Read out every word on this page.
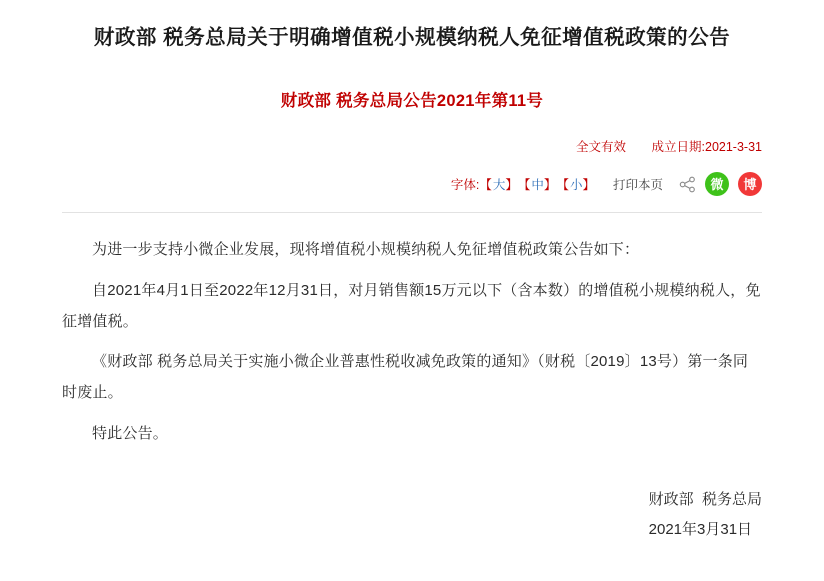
财政部 税务总局关于明确增值税小规模纳税人免征增值税政策的公告
财政部 税务总局公告2021年第11号
全文有效 成立日期:2021-3-31
字体: 【 大 】 【 中 】 【 小 】 打印本页	微	博

为进一步支持小微企业发展，现将增值税小规模纳税人免征增值税政策公告如下：

自2021年4月1日至2022年12月31日，对月销售额15万元以下（含本数）的增值税小规模纳税人，免征增值税。

《财政部 税务总局关于实施小微企业普惠性税收减免政策的通知》（财税〔2019〕13号）第一条同时废止。

特此公告。

财政部  税务总局
2021年3月31日
